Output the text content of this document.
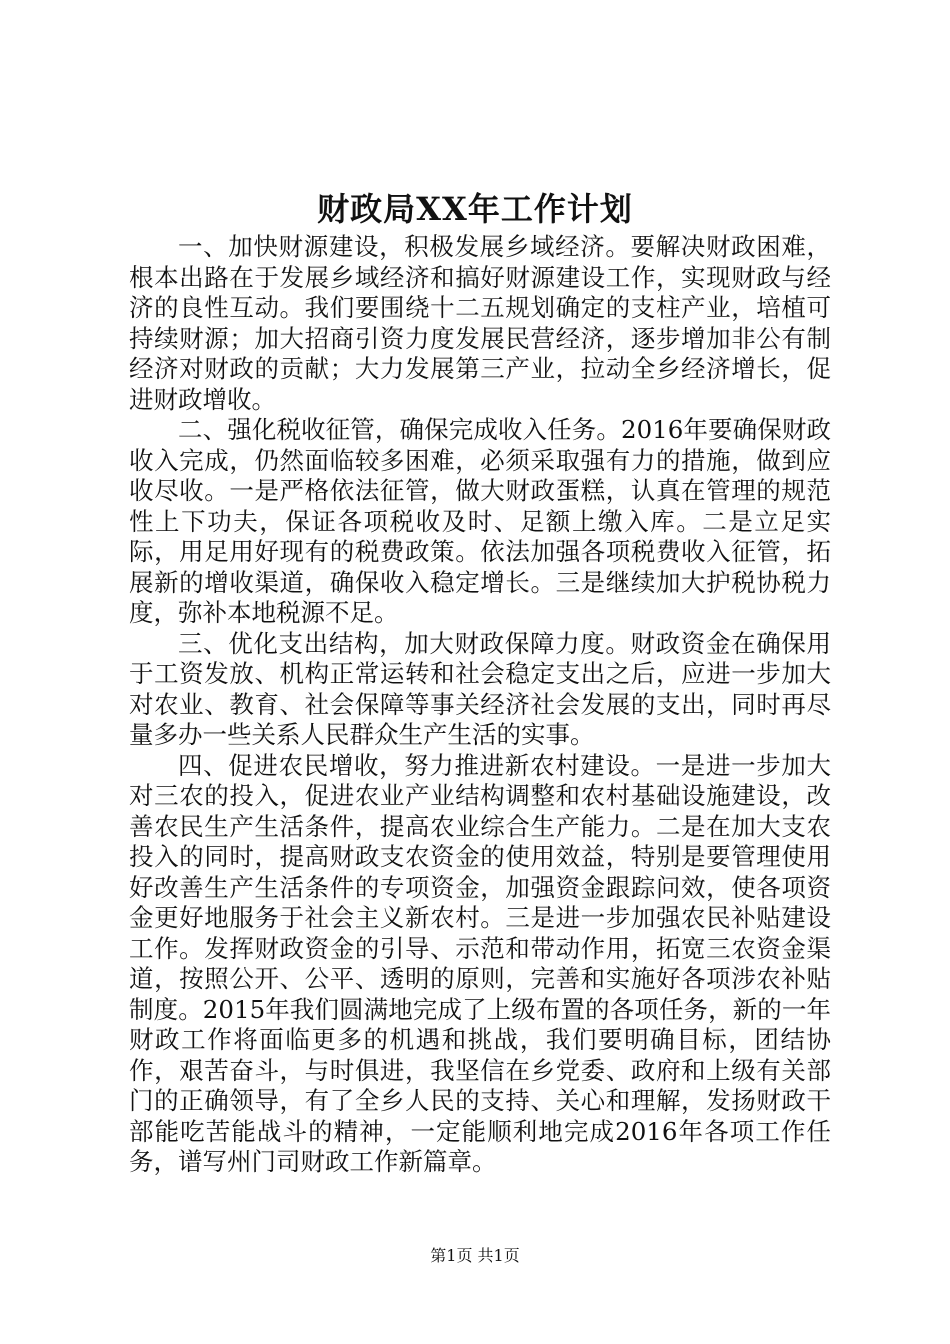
财政局XX年工作计划

一、加快财源建设，积极发展乡域经济。要解决财政困难，根本出路在于发展乡域经济和搞好财源建设工作，实现财政与经济的良性互动。我们要围绕十二五规划确定的支柱产业，培植可持续财源；加大招商引资力度发展民营经济，逐步增加非公有制经济对财政的贡献；大力发展第三产业，拉动全乡经济增长，促进财政增收。

二、强化税收征管，确保完成收入任务。2016年要确保财政收入完成，仍然面临较多困难，必须采取强有力的措施，做到应收尽收。一是严格依法征管，做大财政蛋糕，认真在管理的规范性上下功夫，保证各项税收及时、足额上缴入库。二是立足实际，用足用好现有的税费政策。依法加强各项税费收入征管，拓展新的增收渠道，确保收入稳定增长。三是继续加大护税协税力度，弥补本地税源不足。

三、优化支出结构，加大财政保障力度。财政资金在确保用于工资发放、机构正常运转和社会稳定支出之后，应进一步加大对农业、教育、社会保障等事关经济社会发展的支出，同时再尽量多办一些关系人民群众生产生活的实事。

四、促进农民增收，努力推进新农村建设。一是进一步加大对三农的投入，促进农业产业结构调整和农村基础设施建设，改善农民生产生活条件，提高农业综合生产能力。二是在加大支农投入的同时，提高财政支农资金的使用效益，特别是要管理使用好改善生产生活条件的专项资金，加强资金跟踪问效，使各项资金更好地服务于社会主义新农村。三是进一步加强农民补贴建设工作。发挥财政资金的引导、示范和带动作用，拓宽三农资金渠道，按照公开、公平、透明的原则，完善和实施好各项涉农补贴制度。2015年我们圆满地完成了上级布置的各项任务，新的一年财政工作将面临更多的机遇和挑战，我们要明确目标，团结协作，艰苦奋斗，与时俱进，我坚信在乡党委、政府和上级有关部门的正确领导，有了全乡人民的支持、关心和理解，发扬财政干部能吃苦能战斗的精神，一定能顺利地完成2016年各项工作任务，谱写州门司财政工作新篇章。

第1页 共1页
